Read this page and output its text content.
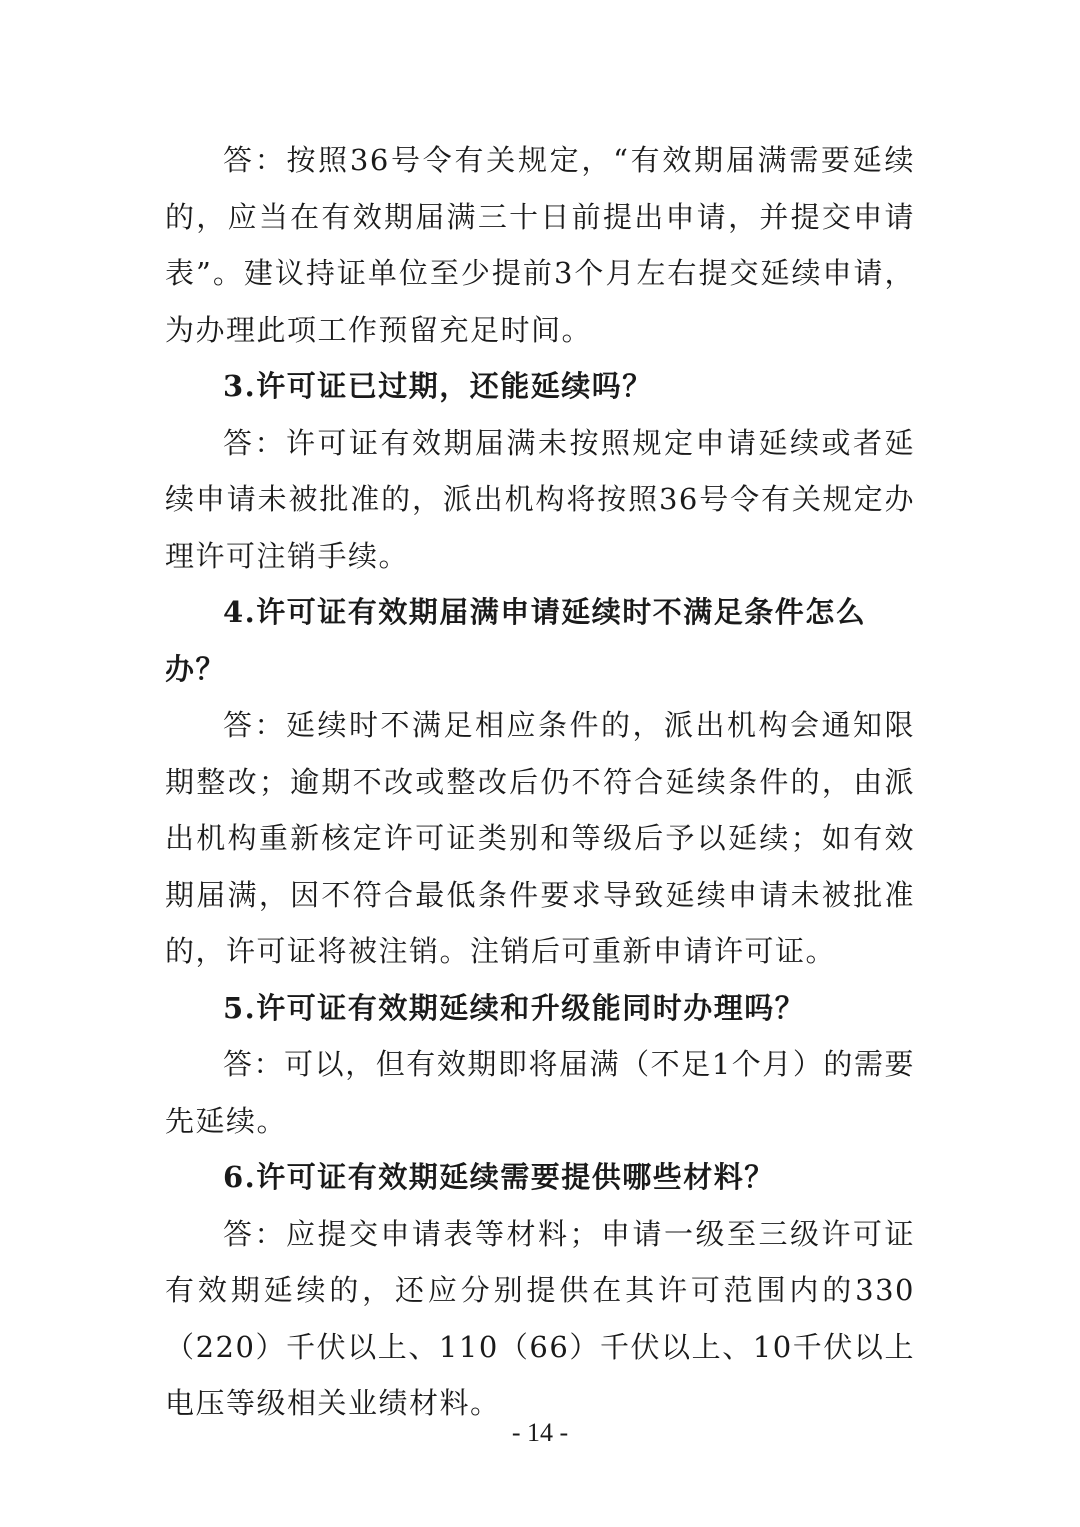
答：按照36号令有关规定，“有效期届满需要延续的，应当在有效期届满三十日前提出申请，并提交申请表”。建议持证单位至少提前3个月左右提交延续申请，为办理此项工作预留充足时间。

3.许可证已过期，还能延续吗？

答：许可证有效期届满未按照规定申请延续或者延续申请未被批准的，派出机构将按照36号令有关规定办理许可注销手续。

4.许可证有效期届满申请延续时不满足条件怎么办？

答：延续时不满足相应条件的，派出机构会通知限期整改；逾期不改或整改后仍不符合延续条件的，由派出机构重新核定许可证类别和等级后予以延续；如有效期届满，因不符合最低条件要求导致延续申请未被批准的，许可证将被注销。注销后可重新申请许可证。

5.许可证有效期延续和升级能同时办理吗？

答：可以，但有效期即将届满（不足1个月）的需要先延续。

6.许可证有效期延续需要提供哪些材料？

答：应提交申请表等材料；申请一级至三级许可证有效期延续的，还应分别提供在其许可范围内的330（220）千伏以上、110（66）千伏以上、10千伏以上电压等级相关业绩材料。

- 14 -
